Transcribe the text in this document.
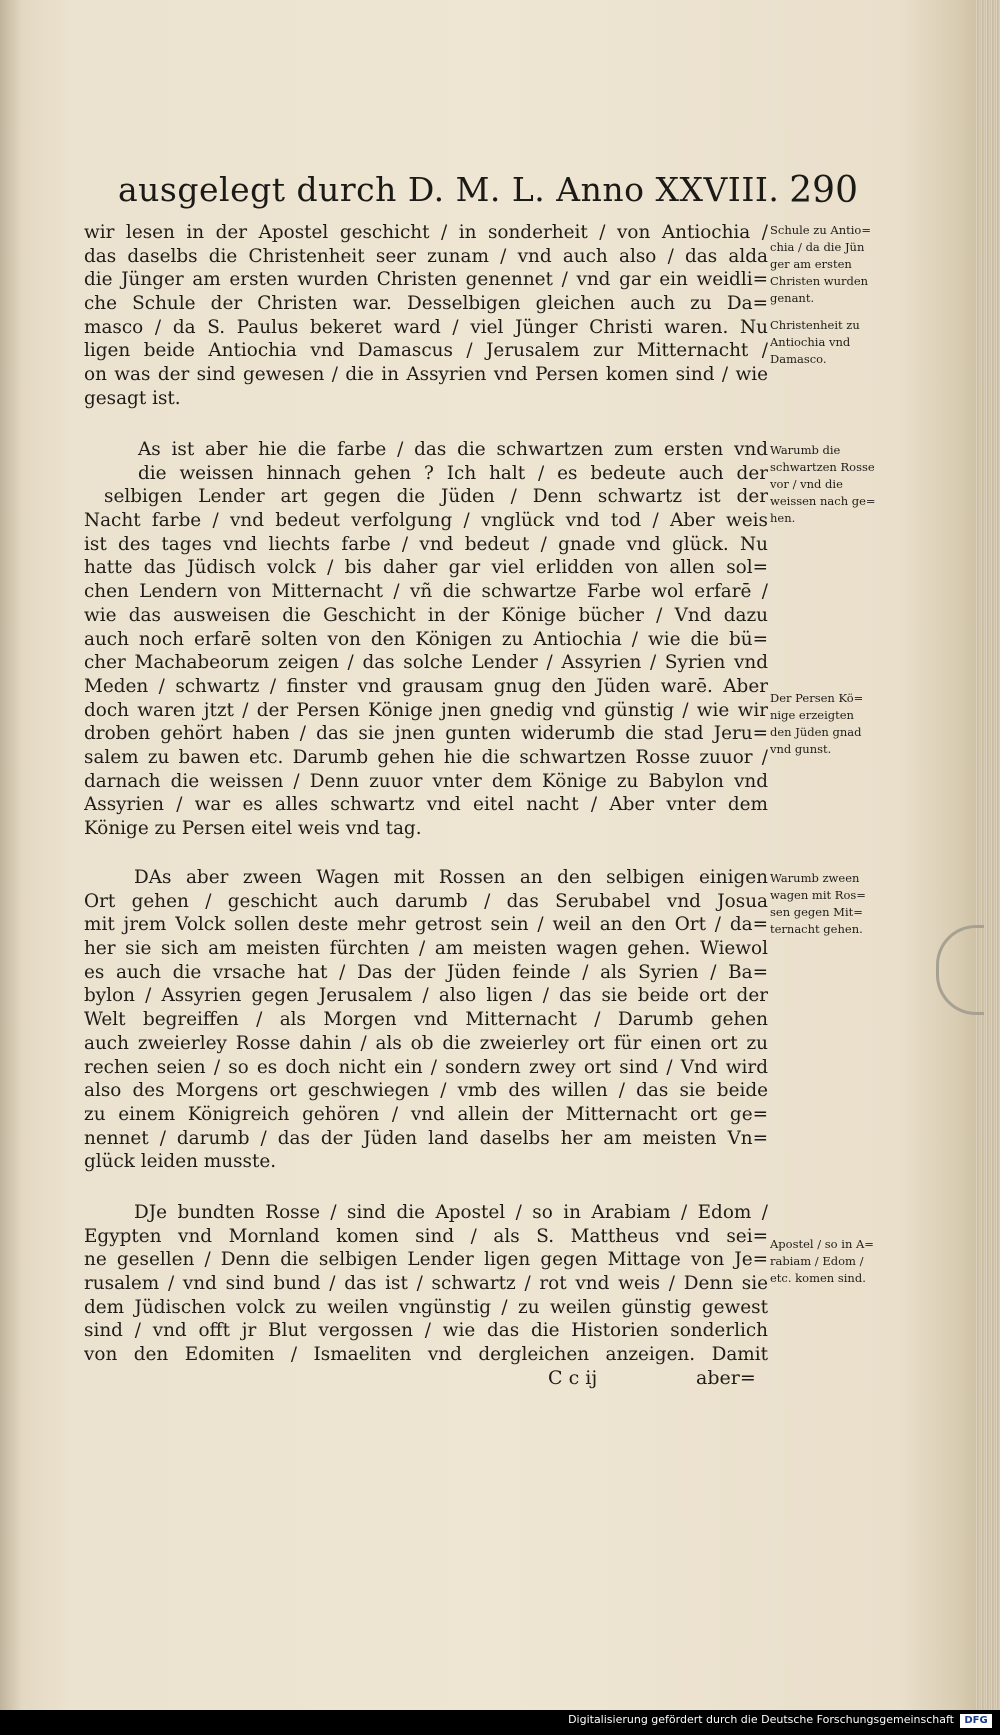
ausgelegt durch D. M. L. Anno XXVIII. 290
wir lesen in der Apostel geschicht / in sonderheit / von Antiochia /
das daselbs die Christenheit seer zunam / vnd auch also / das alda
die Jünger am ersten wurden Christen genennet / vnd gar ein weidli=
che Schule der Christen war. Desselbigen gleichen auch zu Da=
masco / da S. Paulus bekeret ward / viel Jünger Christi waren. Nu
ligen beide Antiochia vnd Damascus / Jerusalem zur Mitternacht /
on was der sind gewesen / die in Assyrien vnd Persen komen sind / wie
gesagt ist.
As ist aber hie die farbe / das die schwartzen zum ersten vnd
die weissen hinnach gehen ? Ich halt / es bedeute auch der
selbigen Lender art gegen die Jüden / Denn schwartz ist der
Nacht farbe / vnd bedeut verfolgung / vnglück vnd tod / Aber weis
ist des tages vnd liechts farbe / vnd bedeut / gnade vnd glück. Nu
hatte das Jüdisch volck / bis daher gar viel erlidden von allen sol=
chen Lendern von Mitternacht / vñ die schwartze Farbe wol erfarē /
wie das ausweisen die Geschicht in der Könige bücher / Vnd dazu
auch noch erfarē solten von den Königen zu Antiochia / wie die bü=
cher Machabeorum zeigen / das solche Lender / Assyrien / Syrien vnd
Meden / schwartz / finster vnd grausam gnug den Jüden warē. Aber
doch waren jtzt / der Persen Könige jnen gnedig vnd günstig / wie wir
droben gehört haben / das sie jnen gunten widerumb die stad Jeru=
salem zu bawen etc. Darumb gehen hie die schwartzen Rosse zuuor /
darnach die weissen / Denn zuuor vnter dem Könige zu Babylon vnd
Assyrien / war es alles schwartz vnd eitel nacht / Aber vnter dem
Könige zu Persen eitel weis vnd tag.
DAs aber zween Wagen mit Rossen an den selbigen einigen
Ort gehen / geschicht auch darumb / das Serubabel vnd Josua
mit jrem Volck sollen deste mehr getrost sein / weil an den Ort / da=
her sie sich am meisten fürchten / am meisten wagen gehen. Wiewol
es auch die vrsache hat / Das der Jüden feinde / als Syrien / Ba=
bylon / Assyrien gegen Jerusalem / also ligen / das sie beide ort der
Welt begreiffen / als Morgen vnd Mitternacht / Darumb gehen
auch zweierley Rosse dahin / als ob die zweierley ort für einen ort zu
rechen seien / so es doch nicht ein / sondern zwey ort sind / Vnd wird
also des Morgens ort geschwiegen / vmb des willen / das sie beide
zu einem Königreich gehören / vnd allein der Mitternacht ort ge=
nennet / darumb / das der Jüden land daselbs her am meisten Vn=
glück leiden musste.
DJe bundten Rosse / sind die Apostel / so in Arabiam / Edom /
Egypten vnd Mornland komen sind / als S. Mattheus vnd sei=
ne gesellen / Denn die selbigen Lender ligen gegen Mittage von Je=
rusalem / vnd sind bund / das ist / schwartz / rot vnd weis / Denn sie
dem Jüdischen volck zu weilen vngünstig / zu weilen günstig gewest
sind / vnd offt jr Blut vergossen / wie das die Historien sonderlich
von den Edomiten / Ismaeliten vnd dergleichen anzeigen. Damit
Schule zu Antio=
chia / da die Jün
ger am ersten
Christen wurden
genant.
Christenheit zu
Antiochia vnd
Damasco.
Warumb die
schwartzen Rosse
vor / vnd die
weissen nach ge=
hen.
Der Persen Kö=
nige erzeigten
den Jüden gnad
vnd gunst.
Warumb zween
wagen mit Ros=
sen gegen Mit=
ternacht gehen.
Apostel / so in A=
rabiam / Edom /
etc. komen sind.
C c ij	aber=
Digitalisierung gefördert durch die Deutsche Forschungsgemeinschaft	DFG
